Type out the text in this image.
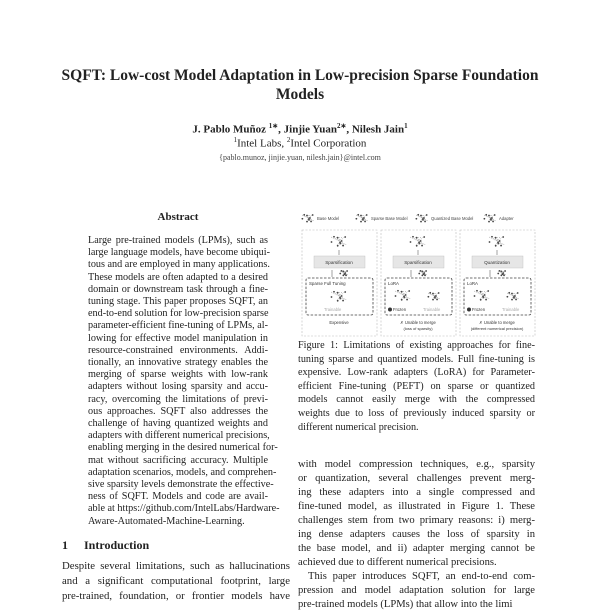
SQFT: Low-cost Model Adaptation in Low-precision Sparse Foundation
Models
J. Pablo Muñoz $^{1∗}$, Jinjie Yuan$^{2∗}$, Nilesh Jain$^1$
$^1$Intel Labs, $^2$Intel Corporation
{pablo.munoz, jinjie.yuan, nilesh.jain}@intel.com
Abstract
Large pre-trained models (LPMs), such as
large language models, have become ubiqui-
tous and are employed in many applications.
These models are often adapted to a desired
domain or downstream task through a fine-
tuning stage. This paper proposes SQFT, an
end-to-end solution for low-precision sparse
parameter-efficient fine-tuning of LPMs, al-
lowing for effective model manipulation in
resource-constrained environments. Addi-
tionally, an innovative strategy enables the
merging of sparse weights with low-rank
adapters without losing sparsity and accu-
racy, overcoming the limitations of previ-
ous approaches. SQFT also addresses the
challenge of having quantized weights and
adapters with different numerical precisions,
enabling merging in the desired numerical for-
mat without sacrificing accuracy. Multiple
adaptation scenarios, models, and comprehen-
sive sparsity levels demonstrate the effective-
ness of SQFT. Models and code are avail-
able at https://github.com/IntelLabs/Hardware-
Aware-Automated-Machine-Learning.
1 Introduction
Despite several limitations, such as hallucinations
and a significant computational footprint, large
pre-trained, foundation, or frontier models have
Base Model	Sparse Base Model	Quantized Base Model	Adapter
Sparsification
Sparse Full Tuning
Trainable
Expensive
Sparsification
LoRA
Frozen	Trainable
✗ Unable to merge
(loss of sparsity)
Quantization
LoRA
Frozen	Trainable
✗ Unable to merge
(different numerical precision)
Figure 1: Limitations of existing approaches for fine-
tuning sparse and quantized models. Full fine-tuning is
expensive. Low-rank adapters (LoRA) for Parameter-
efficient Fine-tuning (PEFT) on sparse or quantized
models cannot easily merge with the compressed
weights due to loss of previously induced sparsity or
different numerical precision.
with model compression techniques, e.g., sparsity
or quantization, several challenges prevent merg-
ing these adapters into a single compressed and
fine-tuned model, as illustrated in Figure 1. These
challenges stem from two primary reasons: i) merg-
ing dense adapters causes the loss of sparsity in
the base model, and ii) adapter merging cannot be
achieved due to different numerical precisions.
This paper introduces SQFT, an end-to-end com-
pression and model adaptation solution for large
pre-trained models (LPMs) that allow into the limi
